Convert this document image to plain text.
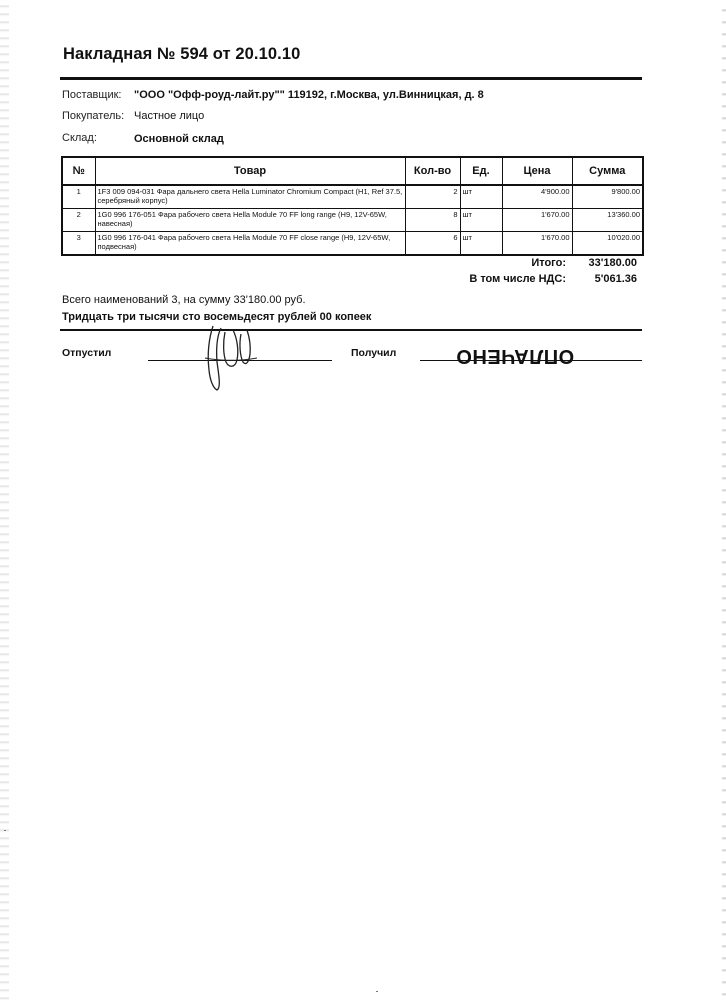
Накладная № 594 от 20.10.10
Поставщик: "ООО "Офф-роуд-лайт.ру"" 119192, г.Москва, ул.Винницкая, д. 8
Покупатель: Частное лицо
Склад:	Основной склад
№	Товар	Кол-во	Ед.	Цена	Сумма
1	1F3 009 094-031 Фара дальнего света Hella Luminator Chromium Compact (H1, Ref 37.5, серебряный корпус)	2	шт	4'900.00	9'800.00
2	1G0 996 176-051 Фара рабочего света Hella Module 70 FF long range (H9, 12V-65W, навесная)	8	шт	1'670.00	13'360.00
3	1G0 996 176-041 Фара рабочего света Hella Module 70 FF close range (H9, 12V-65W, подвесная)	6	шт	1'670.00	10'020.00
Итого:	33'180.00
В том числе НДС:	5'061.36
Всего наименований 3, на сумму 33'180.00 руб.
Тридцать три тысячи сто восемьдесят рублей 00 копеек
Отпустил	Получил	ОПЛАЧЕНО
